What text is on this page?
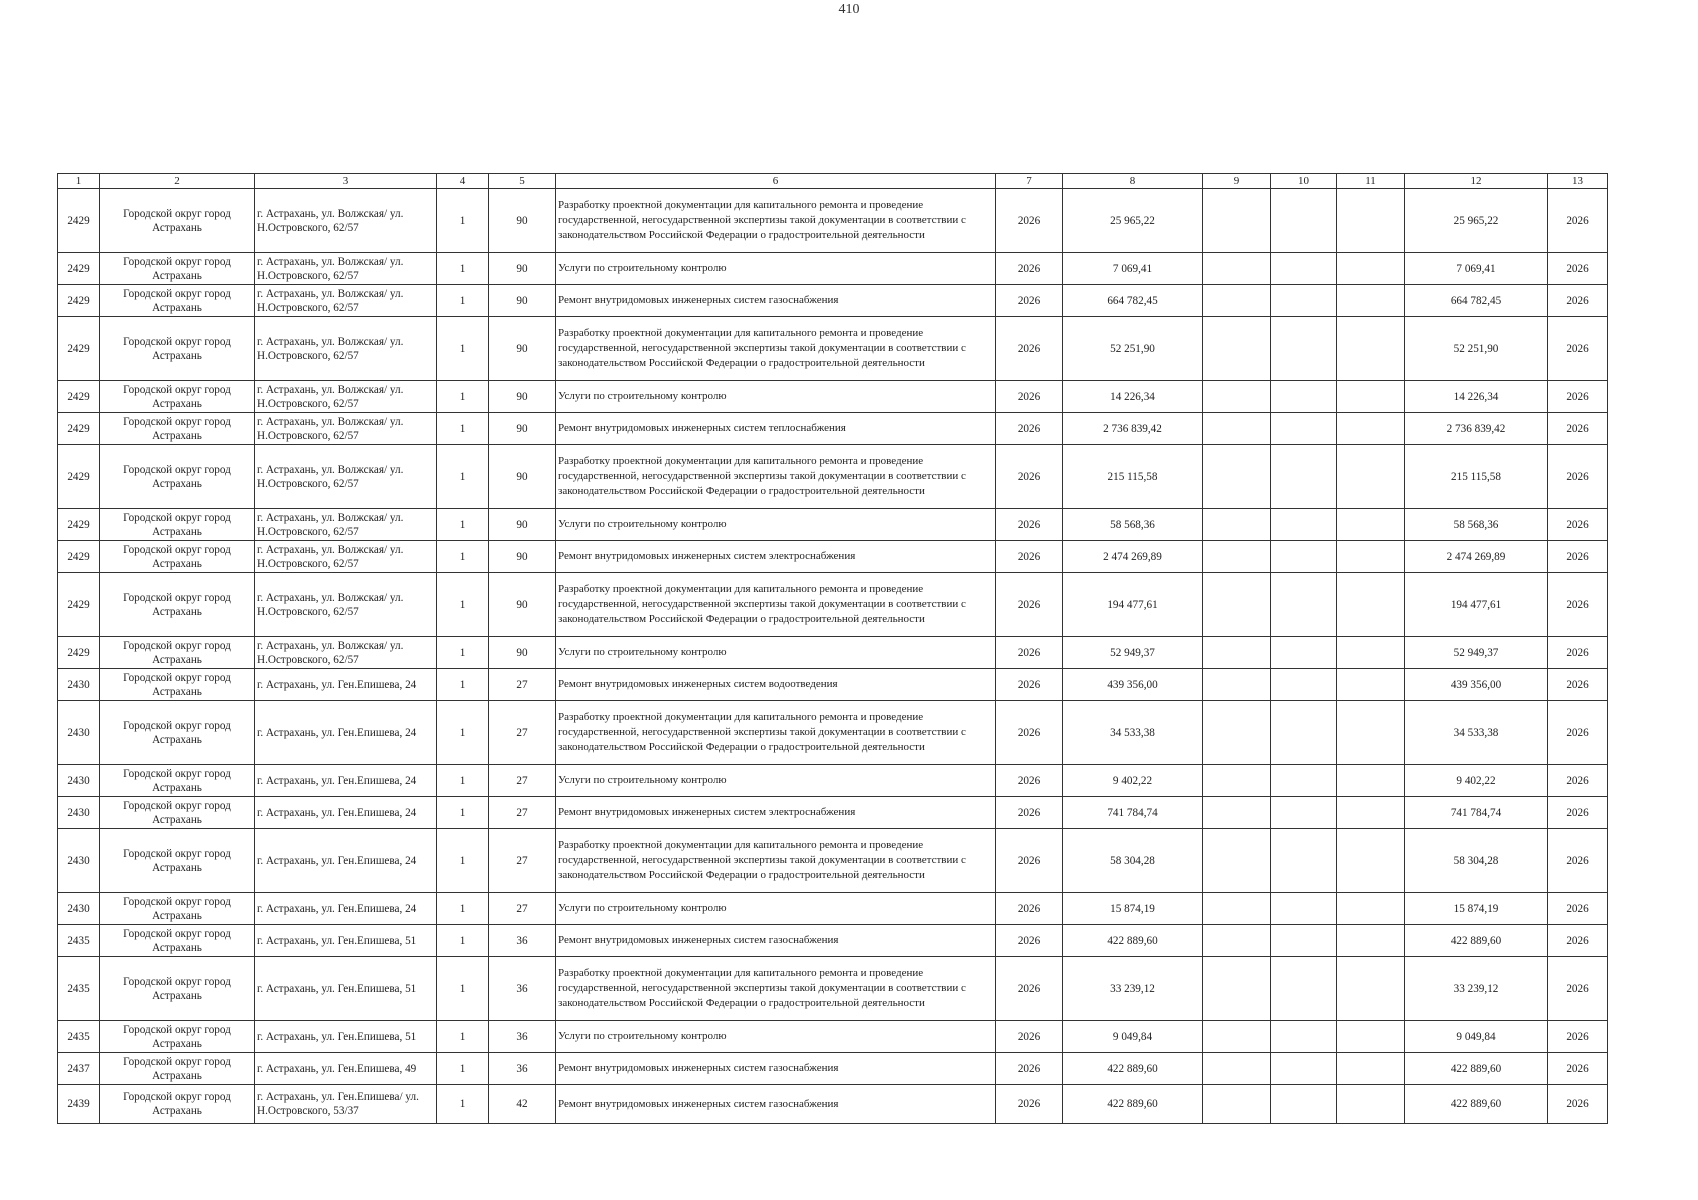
410
1	2	3	4	5	6	7	8	9	10	11	12	13
2429	Городской округ город Астрахань	г. Астрахань, ул. Волжская/ ул. Н.Островского, 62/57	1	90	Разработку проектной документации для капитального ремонта и проведение государственной, негосударственной экспертизы такой документации в соответствии с законодательством Российской Федерации о градостроительной деятельности	2026	25 965,22				25 965,22	2026
2429	Городской округ город Астрахань	г. Астрахань, ул. Волжская/ ул. Н.Островского, 62/57	1	90	Услуги по строительному контролю	2026	7 069,41				7 069,41	2026
2429	Городской округ город Астрахань	г. Астрахань, ул. Волжская/ ул. Н.Островского, 62/57	1	90	Ремонт внутридомовых инженерных систем газоснабжения	2026	664 782,45				664 782,45	2026
2429	Городской округ город Астрахань	г. Астрахань, ул. Волжская/ ул. Н.Островского, 62/57	1	90	Разработку проектной документации для капитального ремонта и проведение государственной, негосударственной экспертизы такой документации в соответствии с законодательством Российской Федерации о градостроительной деятельности	2026	52 251,90				52 251,90	2026
2429	Городской округ город Астрахань	г. Астрахань, ул. Волжская/ ул. Н.Островского, 62/57	1	90	Услуги по строительному контролю	2026	14 226,34				14 226,34	2026
2429	Городской округ город Астрахань	г. Астрахань, ул. Волжская/ ул. Н.Островского, 62/57	1	90	Ремонт внутридомовых инженерных систем теплоснабжения	2026	2 736 839,42				2 736 839,42	2026
2429	Городской округ город Астрахань	г. Астрахань, ул. Волжская/ ул. Н.Островского, 62/57	1	90	Разработку проектной документации для капитального ремонта и проведение государственной, негосударственной экспертизы такой документации в соответствии с законодательством Российской Федерации о градостроительной деятельности	2026	215 115,58				215 115,58	2026
2429	Городской округ город Астрахань	г. Астрахань, ул. Волжская/ ул. Н.Островского, 62/57	1	90	Услуги по строительному контролю	2026	58 568,36				58 568,36	2026
2429	Городской округ город Астрахань	г. Астрахань, ул. Волжская/ ул. Н.Островского, 62/57	1	90	Ремонт внутридомовых инженерных систем электроснабжения	2026	2 474 269,89				2 474 269,89	2026
2429	Городской округ город Астрахань	г. Астрахань, ул. Волжская/ ул. Н.Островского, 62/57	1	90	Разработку проектной документации для капитального ремонта и проведение государственной, негосударственной экспертизы такой документации в соответствии с законодательством Российской Федерации о градостроительной деятельности	2026	194 477,61				194 477,61	2026
2429	Городской округ город Астрахань	г. Астрахань, ул. Волжская/ ул. Н.Островского, 62/57	1	90	Услуги по строительному контролю	2026	52 949,37				52 949,37	2026
2430	Городской округ город Астрахань	г. Астрахань, ул. Ген.Епишева, 24	1	27	Ремонт внутридомовых инженерных систем водоотведения	2026	439 356,00				439 356,00	2026
2430	Городской округ город Астрахань	г. Астрахань, ул. Ген.Епишева, 24	1	27	Разработку проектной документации для капитального ремонта и проведение государственной, негосударственной экспертизы такой документации в соответствии с законодательством Российской Федерации о градостроительной деятельности	2026	34 533,38				34 533,38	2026
2430	Городской округ город Астрахань	г. Астрахань, ул. Ген.Епишева, 24	1	27	Услуги по строительному контролю	2026	9 402,22				9 402,22	2026
2430	Городской округ город Астрахань	г. Астрахань, ул. Ген.Епишева, 24	1	27	Ремонт внутридомовых инженерных систем электроснабжения	2026	741 784,74				741 784,74	2026
2430	Городской округ город Астрахань	г. Астрахань, ул. Ген.Епишева, 24	1	27	Разработку проектной документации для капитального ремонта и проведение государственной, негосударственной экспертизы такой документации в соответствии с законодательством Российской Федерации о градостроительной деятельности	2026	58 304,28				58 304,28	2026
2430	Городской округ город Астрахань	г. Астрахань, ул. Ген.Епишева, 24	1	27	Услуги по строительному контролю	2026	15 874,19				15 874,19	2026
2435	Городской округ город Астрахань	г. Астрахань, ул. Ген.Епишева, 51	1	36	Ремонт внутридомовых инженерных систем газоснабжения	2026	422 889,60				422 889,60	2026
2435	Городской округ город Астрахань	г. Астрахань, ул. Ген.Епишева, 51	1	36	Разработку проектной документации для капитального ремонта и проведение государственной, негосударственной экспертизы такой документации в соответствии с законодательством Российской Федерации о градостроительной деятельности	2026	33 239,12				33 239,12	2026
2435	Городской округ город Астрахань	г. Астрахань, ул. Ген.Епишева, 51	1	36	Услуги по строительному контролю	2026	9 049,84				9 049,84	2026
2437	Городской округ город Астрахань	г. Астрахань, ул. Ген.Епишева, 49	1	36	Ремонт внутридомовых инженерных систем газоснабжения	2026	422 889,60				422 889,60	2026
2439	Городской округ город Астрахань	г. Астрахань, ул. Ген.Епишева/ ул. Н.Островского, 53/37	1	42	Ремонт внутридомовых инженерных систем газоснабжения	2026	422 889,60				422 889,60	2026
